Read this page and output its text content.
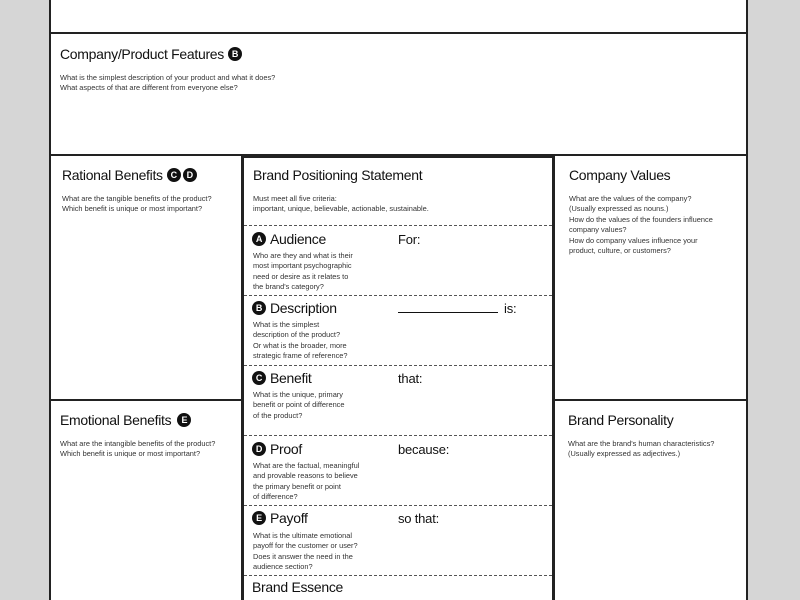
Company/Product Features B
What is the simplest description of your product and what it does?
What aspects of that are different from everyone else?
Rational Benefits C	D
What are the tangible benefits of the product?
Which benefit is unique or most important?
Emotional Benefits	E
What are the intangible benefits of the product?
Which benefit is unique or most important?
Company Values
What are the values of the company?
(Usually expressed as nouns.)
How do the values of the founders influence
company values?
How do company values influence your
product, culture, or customers?
Brand Personality
What are the brand's human characteristics?
(Usually expressed as adjectives.)
Brand Positioning Statement
Must meet all five criteria:
important, unique, believable, actionable, sustainable.
A Audience	For:
Who are they and what is their
most important psychographic
need or desire as it relates to
the brand's category?
B Description	is:
What is the simplest
description of the product?
Or what is the broader, more
strategic frame of reference?
C Benefit	that:
What is the unique, primary
benefit or point of difference
of the product?
D Proof	because:
What are the factual, meaningful
and provable reasons to believe
the primary benefit or point
of difference?
E Payoff	so that:
What is the ultimate emotional
payoff for the customer or user?
Does it answer the need in the
audience section?
Brand Essence
